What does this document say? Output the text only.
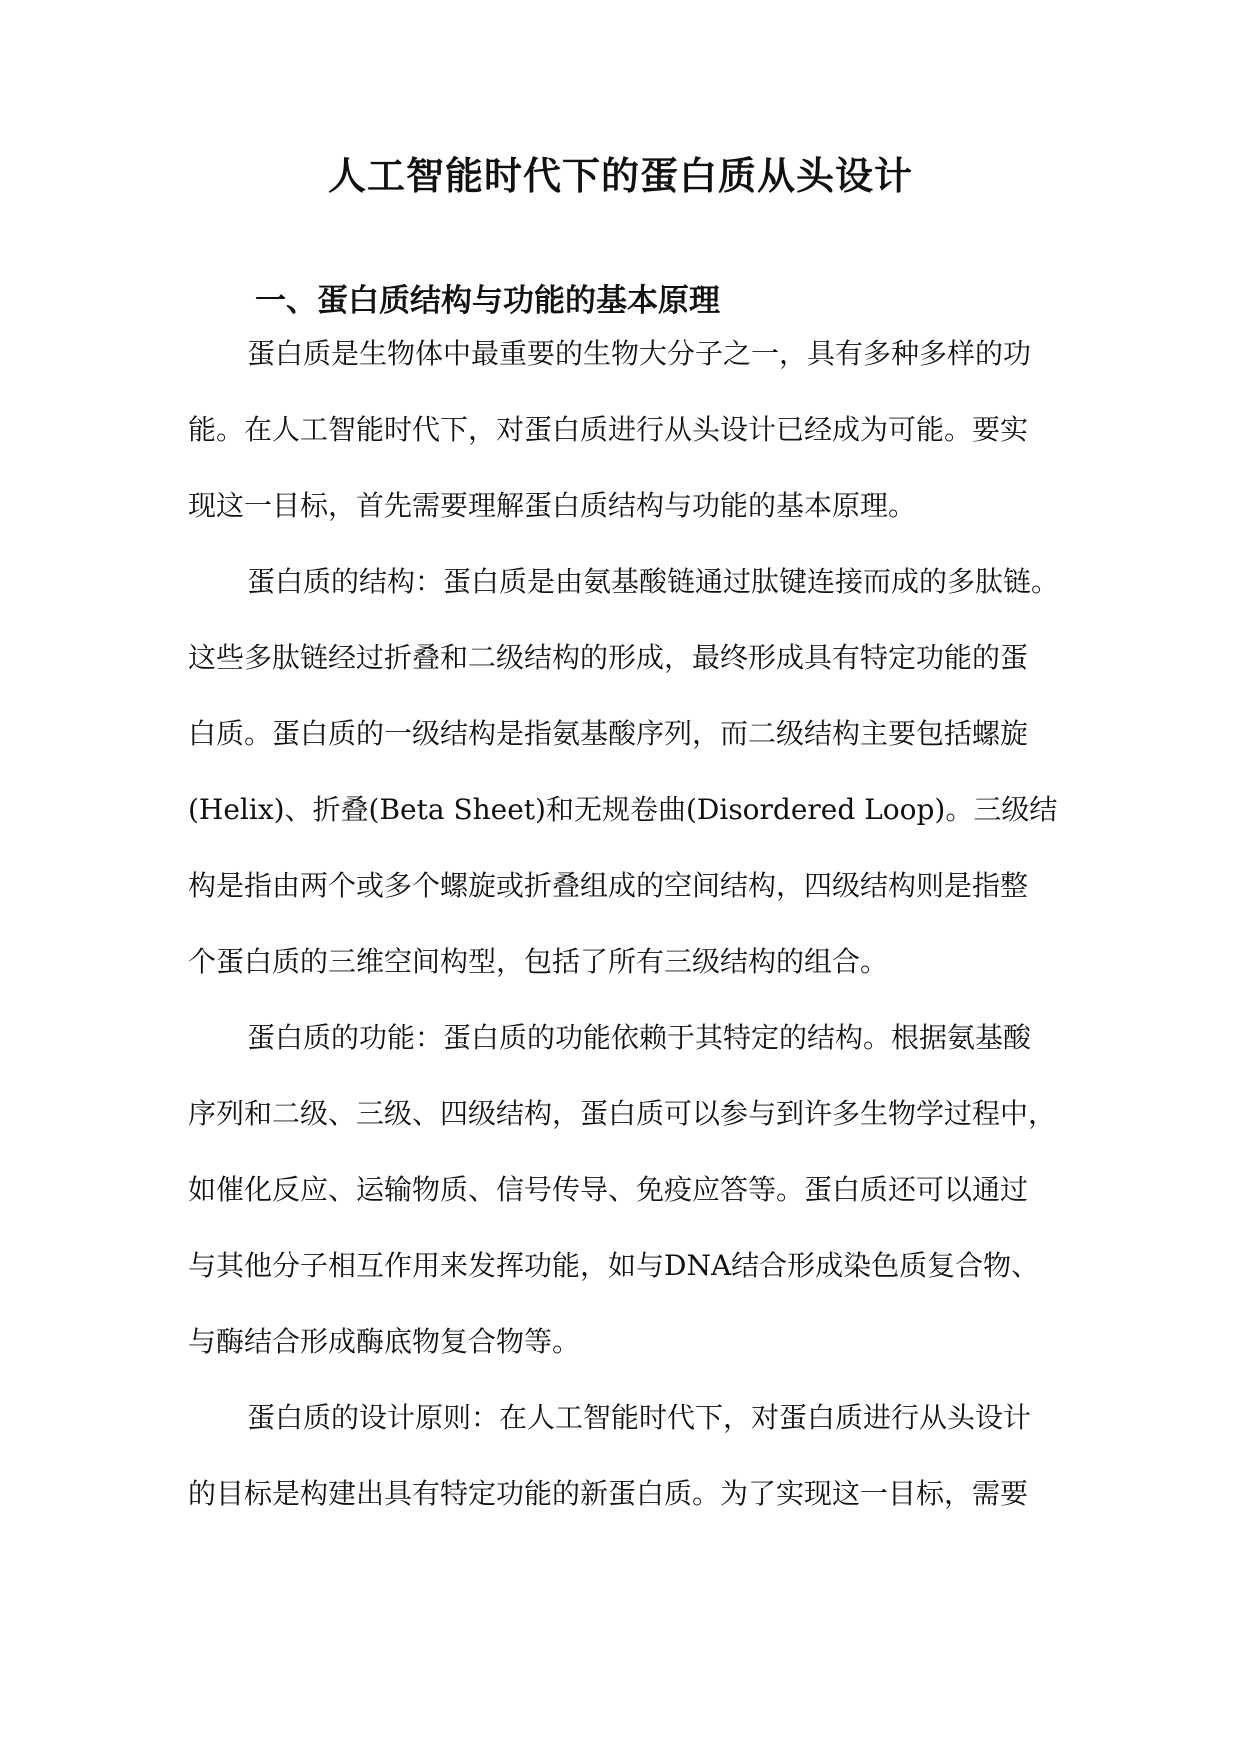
人工智能时代下的蛋白质从头设计
一、蛋白质结构与功能的基本原理
蛋白质是生物体中最重要的生物大分子之一，具有多种多样的功
能。在人工智能时代下，对蛋白质进行从头设计已经成为可能。要实
现这一目标，首先需要理解蛋白质结构与功能的基本原理。
蛋白质的结构：蛋白质是由氨基酸链通过肽键连接而成的多肽链。
这些多肽链经过折叠和二级结构的形成，最终形成具有特定功能的蛋
白质。蛋白质的一级结构是指氨基酸序列，而二级结构主要包括螺旋
(Helix)、折叠(Beta Sheet)和无规卷曲(Disordered Loop)。三级结
构是指由两个或多个螺旋或折叠组成的空间结构，四级结构则是指整
个蛋白质的三维空间构型，包括了所有三级结构的组合。
蛋白质的功能：蛋白质的功能依赖于其特定的结构。根据氨基酸
序列和二级、三级、四级结构，蛋白质可以参与到许多生物学过程中，
如催化反应、运输物质、信号传导、免疫应答等。蛋白质还可以通过
与其他分子相互作用来发挥功能，如与DNA结合形成染色质复合物、
与酶结合形成酶底物复合物等。
蛋白质的设计原则：在人工智能时代下，对蛋白质进行从头设计
的目标是构建出具有特定功能的新蛋白质。为了实现这一目标，需要
